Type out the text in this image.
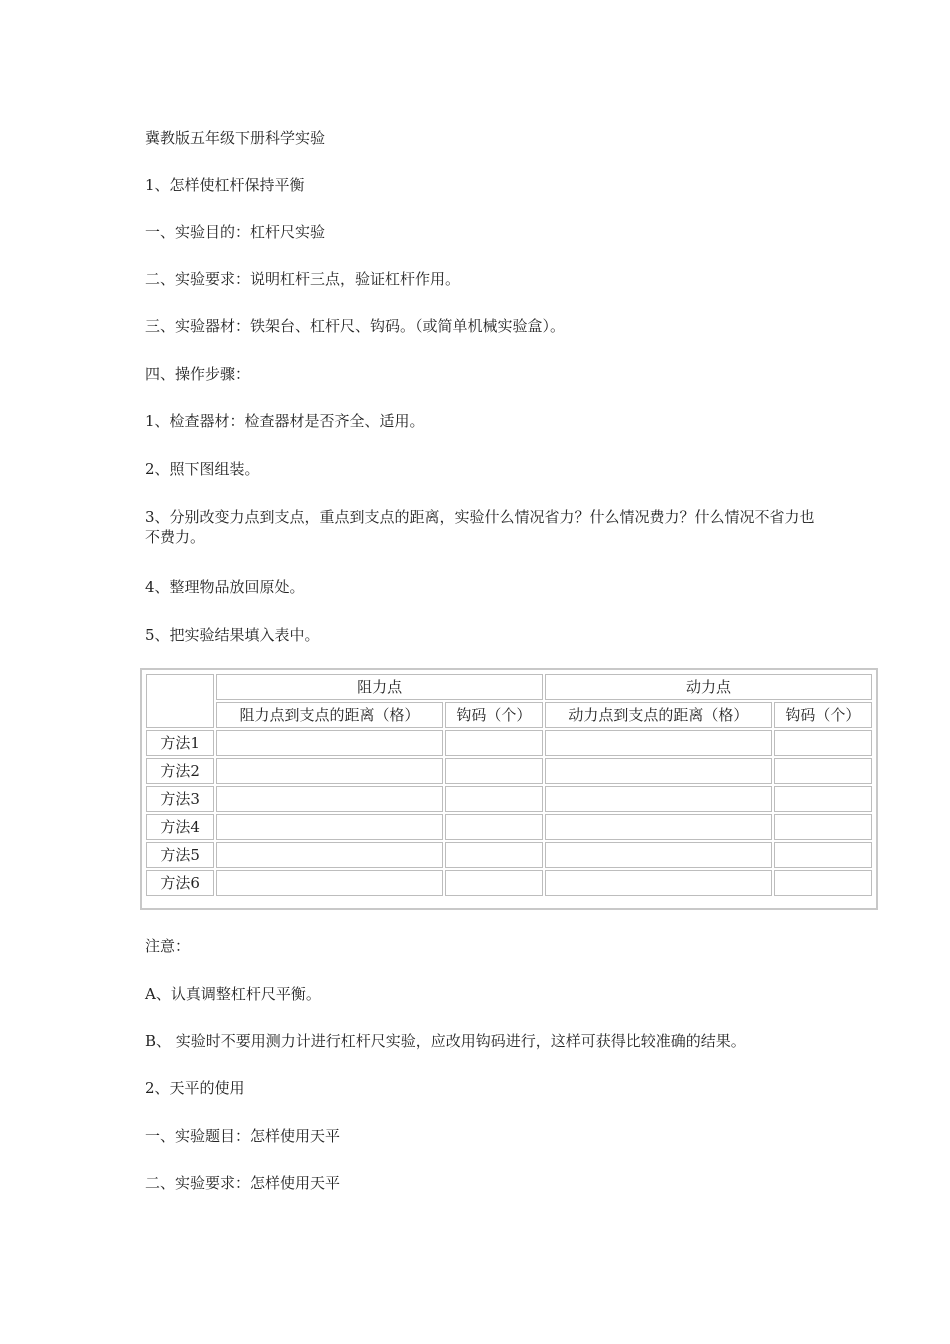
冀教版五年级下册科学实验
1、怎样使杠杆保持平衡
一、实验目的：杠杆尺实验
二、实验要求：说明杠杆三点，验证杠杆作用。
三、实验器材：铁架台、杠杆尺、钩码。（或简单机械实验盒）。
四、操作步骤：
1、检查器材：检查器材是否齐全、适用。
2、照下图组装。
3、分别改变力点到支点，重点到支点的距离，实验什么情况省力？什么情况费力？什么情况不省力也不费力。
4、整理物品放回原处。
5、把实验结果填入表中。
	阻力点		动力点	
	阻力点到支点的距离（格）	钩码（个）	动力点到支点的距离（格）	钩码（个）
方法1				
方法2				
方法3				
方法4				
方法5				
方法6				
注意：
A、认真调整杠杆尺平衡。
B、 实验时不要用测力计进行杠杆尺实验，应改用钩码进行，这样可获得比较准确的结果。
2、天平的使用
一、实验题目：怎样使用天平
二、实验要求：怎样使用天平
